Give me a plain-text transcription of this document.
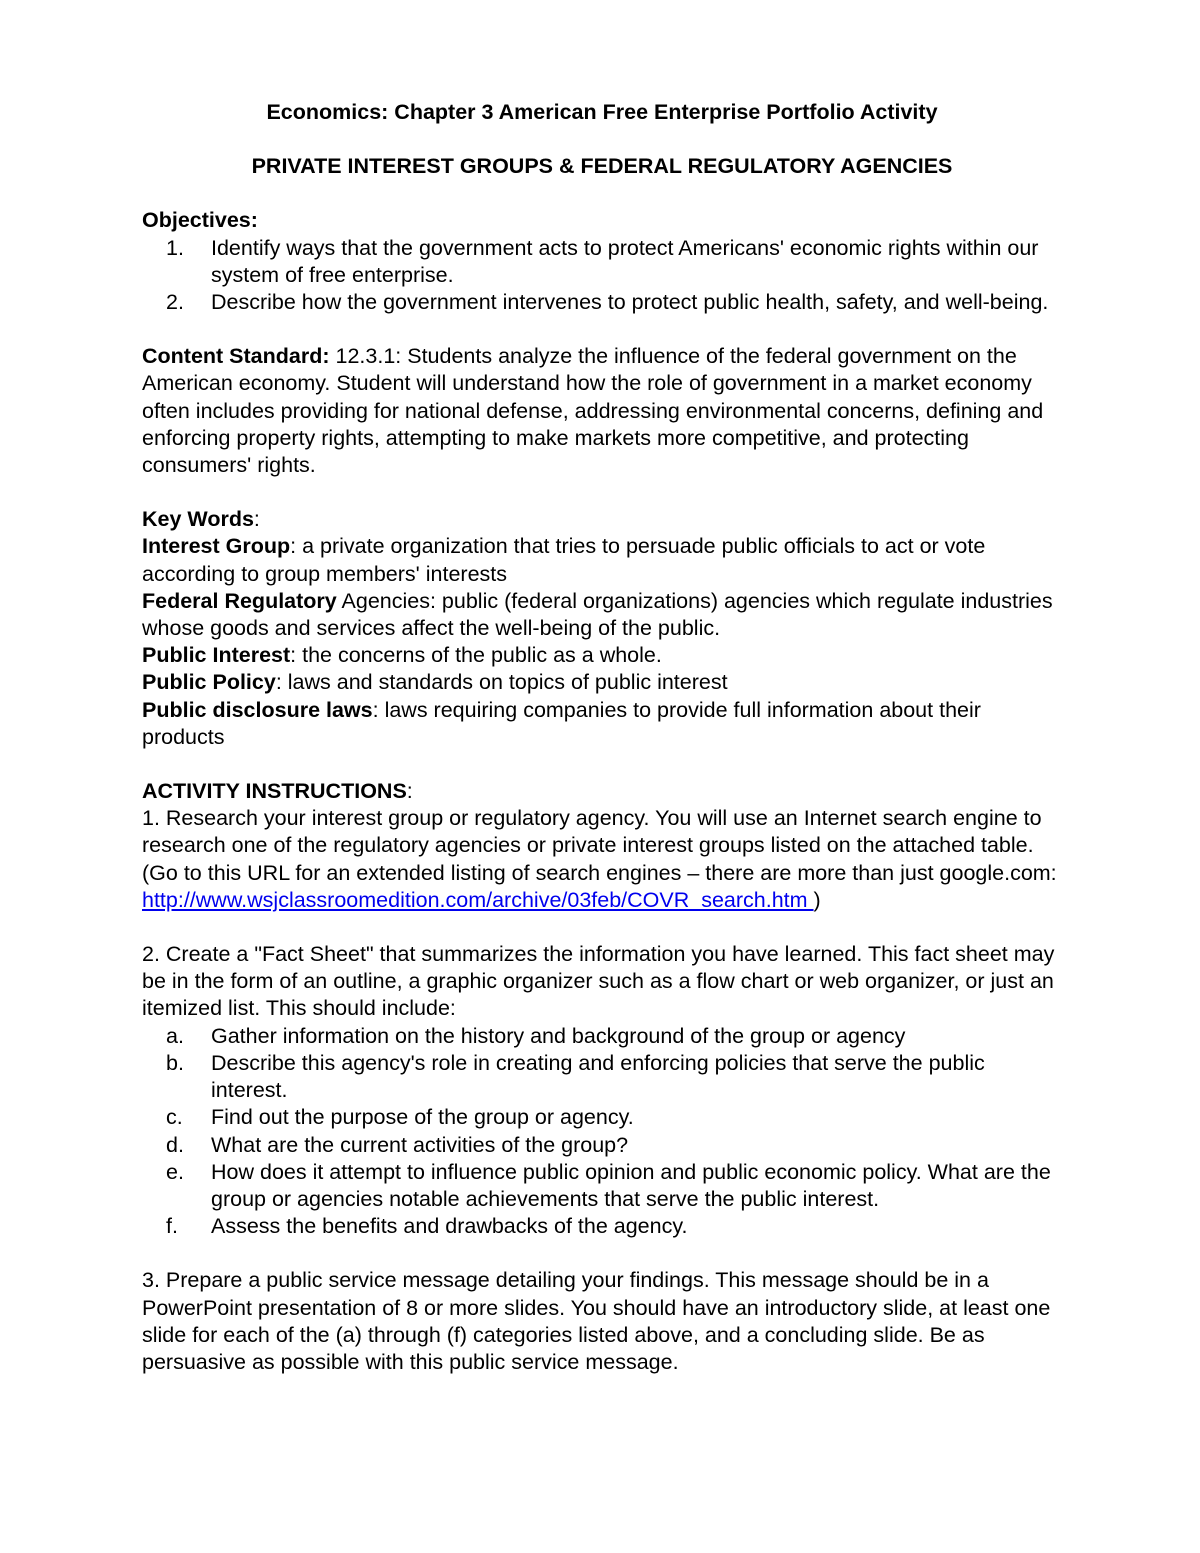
Economics: Chapter 3 American Free Enterprise Portfolio Activity

PRIVATE INTEREST GROUPS & FEDERAL REGULATORY AGENCIES

Objectives:

1. Identify ways that the government acts to protect Americans' economic rights within our system of free enterprise.
2. Describe how the government intervenes to protect public health, safety, and well-being.

Content Standard: 12.3.1: Students analyze the influence of the federal government on the American economy. Student will understand how the role of government in a market economy often includes providing for national defense, addressing environmental concerns, defining and enforcing property rights, attempting to make markets more competitive, and protecting consumers' rights.

Key Words:

Interest Group: a private organization that tries to persuade public officials to act or vote according to group members' interests

Federal Regulatory Agencies: public (federal organizations) agencies which regulate industries whose goods and services affect the well-being of the public.

Public Interest: the concerns of the public as a whole.

Public Policy: laws and standards on topics of public interest

Public disclosure laws: laws requiring companies to provide full information about their products

ACTIVITY INSTRUCTIONS:

1. Research your interest group or regulatory agency. You will use an Internet search engine to research one of the regulatory agencies or private interest groups listed on the attached table. (Go to this URL for an extended listing of search engines – there are more than just google.com:
http://www.wsjclassroomedition.com/archive/03feb/COVR_search.htm )

2. Create a "Fact Sheet" that summarizes the information you have learned. This fact sheet may be in the form of an outline, a graphic organizer such as a flow chart or web organizer, or just an itemized list. This should include:

a. Gather information on the history and background of the group or agency
b. Describe this agency's role in creating and enforcing policies that serve the public interest.
c. Find out the purpose of the group or agency.
d. What are the current activities of the group?
e. How does it attempt to influence public opinion and public economic policy. What are the group or agencies notable achievements that serve the public interest.
f. Assess the benefits and drawbacks of the agency.

3. Prepare a public service message detailing your findings. This message should be in a PowerPoint presentation of 8 or more slides. You should have an introductory slide, at least one slide for each of the (a) through (f) categories listed above, and a concluding slide. Be as persuasive as possible with this public service message.
